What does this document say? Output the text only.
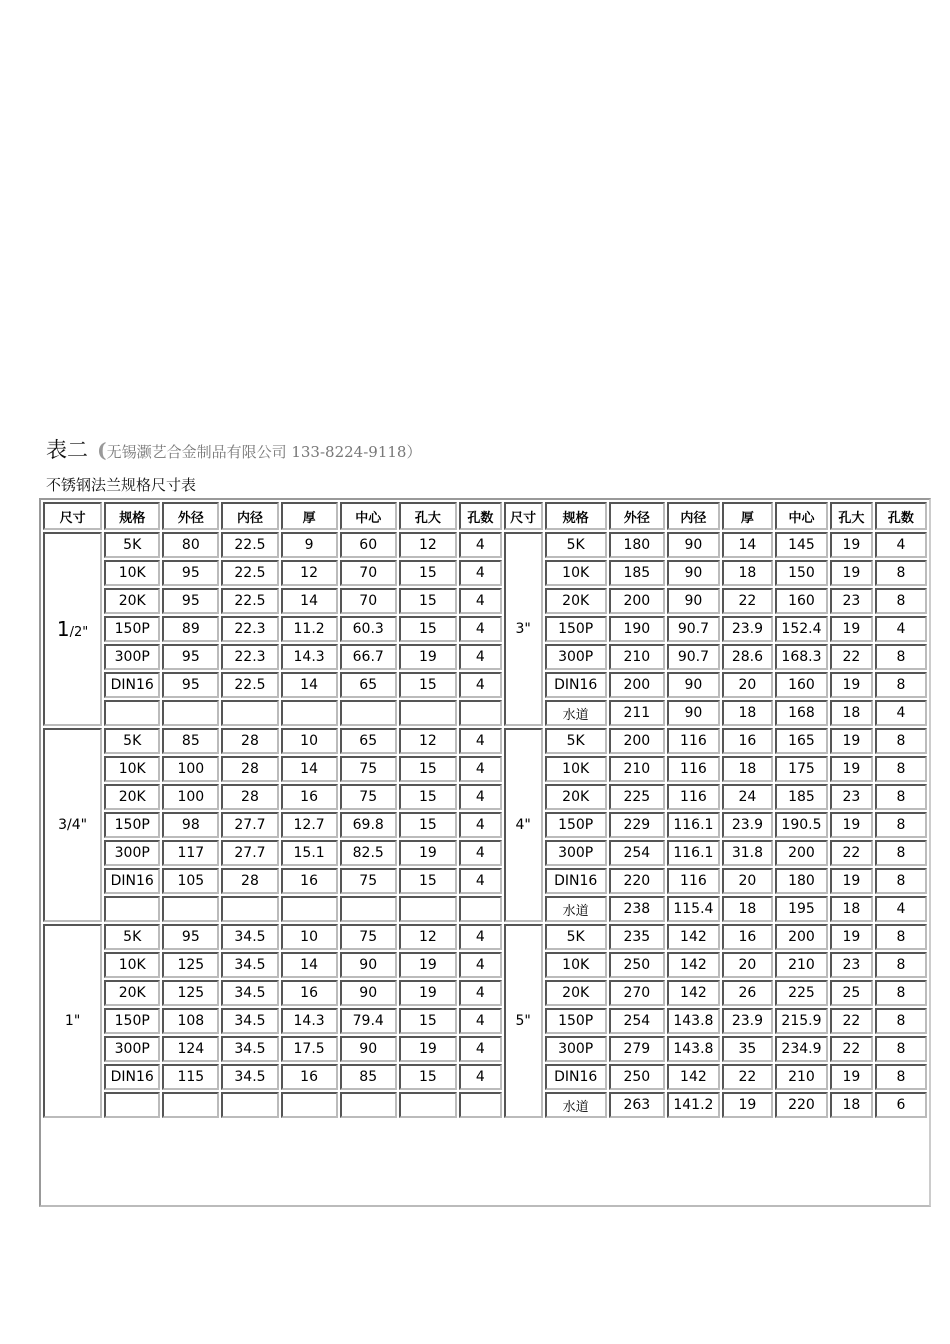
表二 (无锡灏艺合金制品有限公司 133-8224-9118）
不锈钢法兰规格尺寸表
尺寸	规格	外径	内径	厚	中心	孔大	孔数	尺寸	规格	外径	内径	厚	中心	孔大	孔数
1/2"	5K	80	22.5	9	60	12	4	3"	5K	180	90	14	145	19	4
	10K	95	22.5	12	70	15	4		10K	185	90	18	150	19	8
	20K	95	22.5	14	70	15	4		20K	200	90	22	160	23	8
	150P	89	22.3	11.2	60.3	15	4		150P	190	90.7	23.9	152.4	19	4
	300P	95	22.3	14.3	66.7	19	4		300P	210	90.7	28.6	168.3	22	8
	DIN16	95	22.5	14	65	15	4		DIN16	200	90	20	160	19	8
									水道	211	90	18	168	18	4
3/4"	5K	85	28	10	65	12	4	4"	5K	200	116	16	165	19	8
	10K	100	28	14	75	15	4		10K	210	116	18	175	19	8
	20K	100	28	16	75	15	4		20K	225	116	24	185	23	8
	150P	98	27.7	12.7	69.8	15	4		150P	229	116.1	23.9	190.5	19	8
	300P	117	27.7	15.1	82.5	19	4		300P	254	116.1	31.8	200	22	8
	DIN16	105	28	16	75	15	4		DIN16	220	116	20	180	19	8
									水道	238	115.4	18	195	18	4
1"	5K	95	34.5	10	75	12	4	5"	5K	235	142	16	200	19	8
	10K	125	34.5	14	90	19	4		10K	250	142	20	210	23	8
	20K	125	34.5	16	90	19	4		20K	270	142	26	225	25	8
	150P	108	34.5	14.3	79.4	15	4		150P	254	143.8	23.9	215.9	22	8
	300P	124	34.5	17.5	90	19	4		300P	279	143.8	35	234.9	22	8
	DIN16	115	34.5	16	85	15	4		DIN16	250	142	22	210	19	8
									水道	263	141.2	19	220	18	6
